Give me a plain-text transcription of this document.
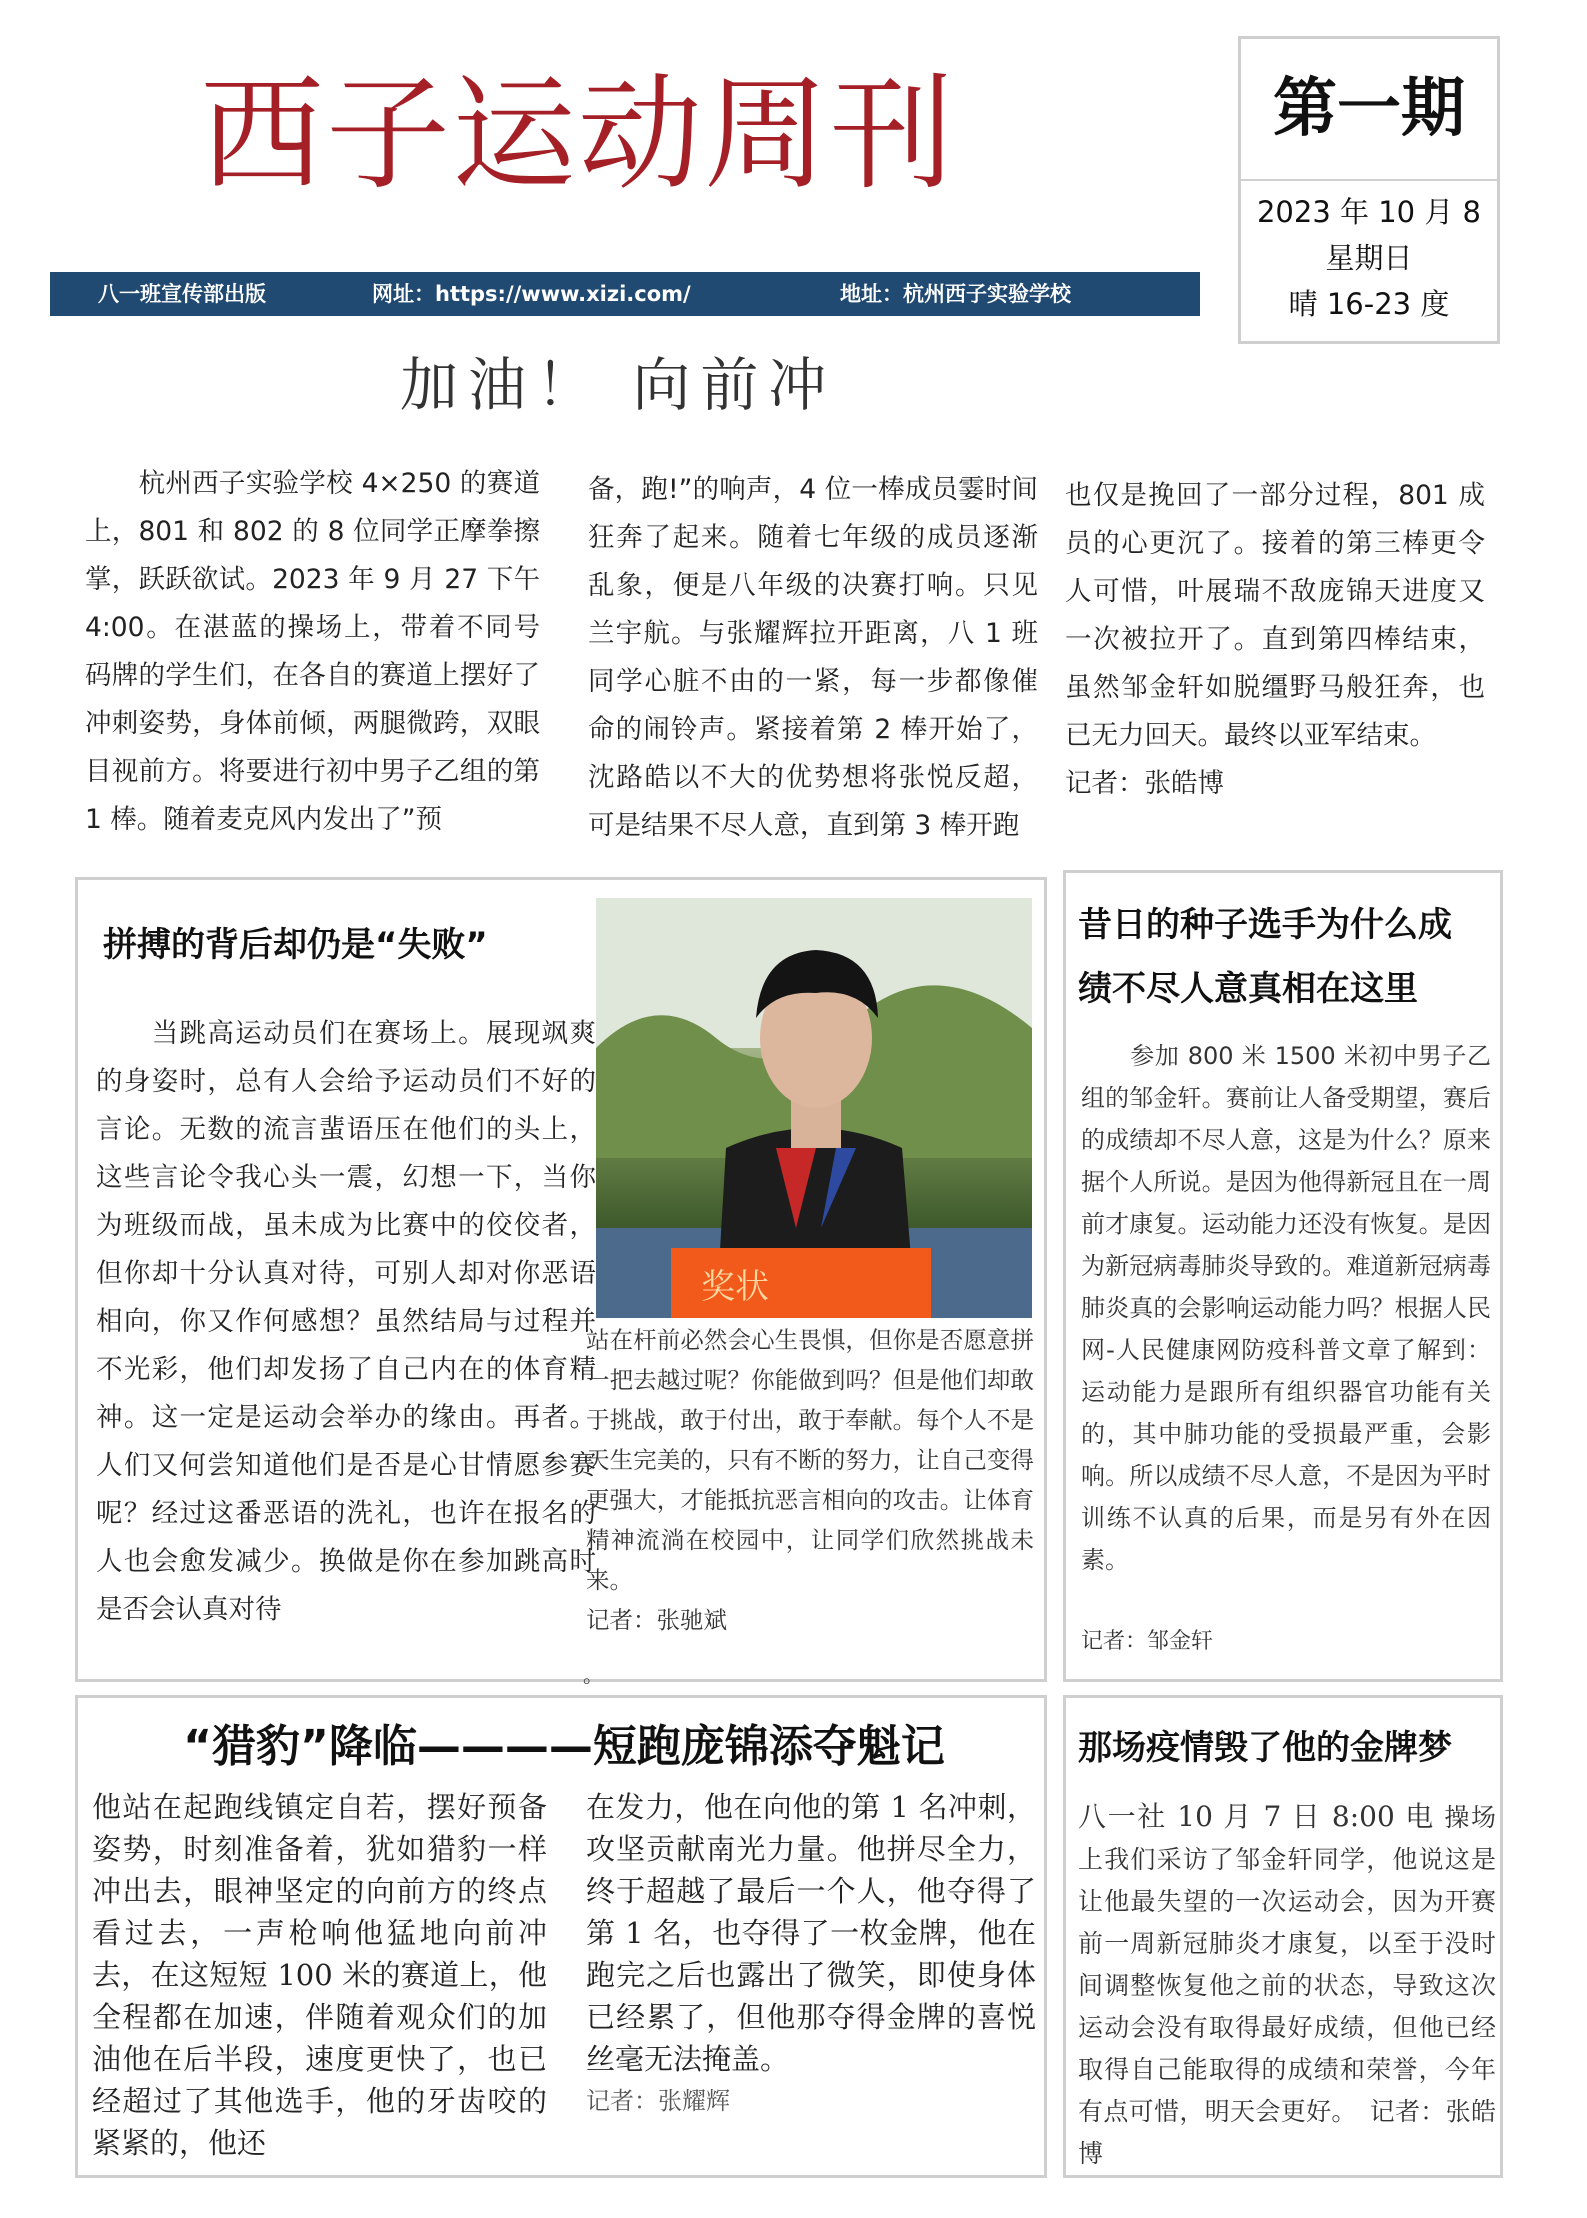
西子运动周刊	第一期
2023 年 10 月 8
星期日
晴 16-23 度
八一班宣传部出版	网址：https://www.xizi.com/	地址：杭州西子实验学校
加油！ 向前冲

　　杭州西子实验学校 4×250 的赛道上，801 和 802 的 8 位同学正摩拳擦掌，跃跃欲试。2023 年 9 月 27 下午 4:00。在湛蓝的操场上，带着不同号码牌的学生们，在各自的赛道上摆好了冲刺姿势，身体前倾，两腿微跨，双眼目视前方。将要进行初中男子乙组的第 1 棒。随着麦克风内发出了”预

备，跑!”的响声，4 位一棒成员霎时间狂奔了起来。随着七年级的成员逐渐乱象，便是八年级的决赛打响。只见兰宇航。与张耀辉拉开距离，八 1 班同学心脏不由的一紧，每一步都像催命的闹铃声。紧接着第 2 棒开始了，沈路皓以不大的优势想将张悦反超，可是结果不尽人意，直到第 3 棒开跑

也仅是挽回了一部分过程，801 成员的心更沉了。接着的第三棒更令人可惜，叶展瑞不敌庞锦天进度又一次被拉开了。直到第四棒结束，虽然邹金轩如脱缰野马般狂奔，也已无力回天。最终以亚军结束。

记者：张皓博

拼搏的背后却仍是“失败”

　　当跳高运动员们在赛场上。展现飒爽的身姿时，总有人会给予运动员们不好的言论。无数的流言蜚语压在他们的头上，这些言论令我心头一震，幻想一下，当你为班级而战，虽未成为比赛中的佼佼者，但你却十分认真对待，可别人却对你恶语相向，你又作何感想？虽然结局与过程并不光彩，他们却发扬了自己内在的体育精神。这一定是运动会举办的缘由。再者。人们又何尝知道他们是否是心甘情愿参赛呢？经过这番恶语的洗礼，也许在报名的人也会愈发减少。换做是你在参加跳高时是否会认真对待

奖状

站在杆前必然会心生畏惧，但你是否愿意拼一把去越过呢？你能做到吗？但是他们却敢于挑战，敢于付出，敢于奉献。每个人不是天生完美的，只有不断的努力，让自己变得更强大，才能抵抗恶言相向的攻击。让体育精神流淌在校园中，让同学们欣然挑战未来。

记者：张驰斌

。
昔日的种子选手为什么成
绩不尽人意真相在这里

　　参加 800 米 1500 米初中男子乙组的邹金轩。赛前让人备受期望，赛后的成绩却不尽人意，这是为什么？原来据个人所说。是因为他得新冠且在一周前才康复。运动能力还没有恢复。是因为新冠病毒肺炎导致的。难道新冠病毒肺炎真的会影响运动能力吗？根据人民网-人民健康网防疫科普文章了解到：运动能力是跟所有组织器官功能有关的，其中肺功能的受损最严重，会影响。所以成绩不尽人意，不是因为平时训练不认真的后果，而是另有外在因素。

记者：邹金轩
“猎豹”降临————短跑庞锦添夺魁记

他站在起跑线镇定自若，摆好预备姿势，时刻准备着，犹如猎豹一样冲出去，眼神坚定的向前方的终点看过去，一声枪响他猛地向前冲去，在这短短 100 米的赛道上，他全程都在加速，伴随着观众们的加油他在后半段，速度更快了，也已经超过了其他选手，他的牙齿咬的紧紧的，他还

在发力，他在向他的第 1 名冲刺，攻坚贡献南光力量。他拼尽全力，终于超越了最后一个人，他夺得了第 1 名，也夺得了一枚金牌，他在跑完之后也露出了微笑，即使身体已经累了，但他那夺得金牌的喜悦丝毫无法掩盖。

记者：张耀辉

那场疫情毁了他的金牌梦

八一社 10 月 7 日 8:00 电 操场上我们采访了邹金轩同学，他说这是让他最失望的一次运动会，因为开赛前一周新冠肺炎才康复，以至于没时间调整恢复他之前的状态，导致这次运动会没有取得最好成绩，但他已经取得自己能取得的成绩和荣誉，今年有点可惜，明天会更好。　记者：张皓博
